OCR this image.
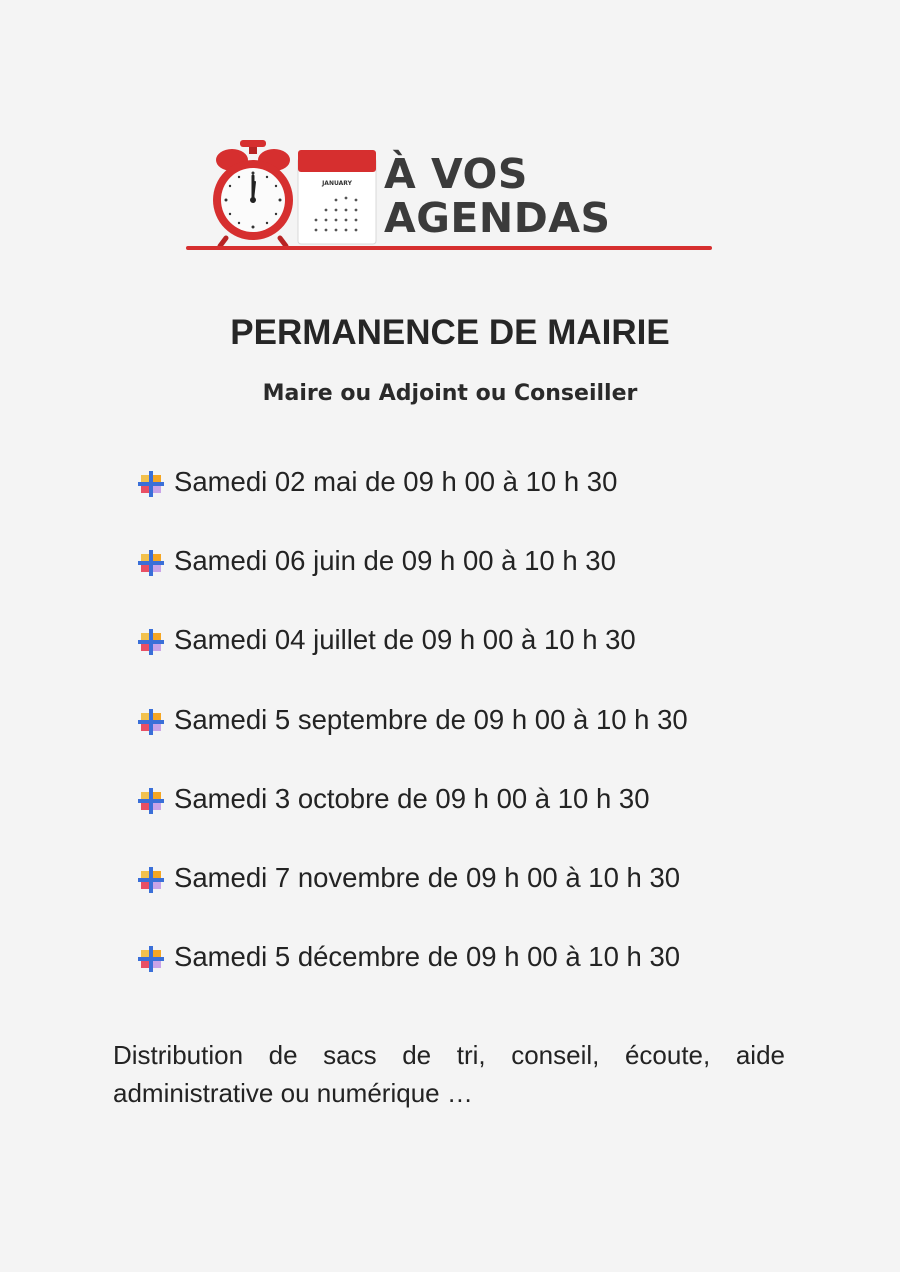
JANUARY À VOS
AGENDAS
PERMANENCE DE MAIRIE
Maire ou Adjoint ou Conseiller
Samedi 02 mai de 09 h 00 à 10 h 30
Samedi 06 juin de 09 h 00 à 10 h 30
Samedi 04 juillet de 09 h 00 à 10 h 30
Samedi 5 septembre de 09 h 00 à 10 h 30
Samedi 3 octobre de 09 h 00 à 10 h 30
Samedi 7 novembre de 09 h 00 à 10 h 30
Samedi 5 décembre de 09 h 00 à 10 h 30
Distribution de sacs de tri, conseil, écoute, aide administrative ou numérique …
